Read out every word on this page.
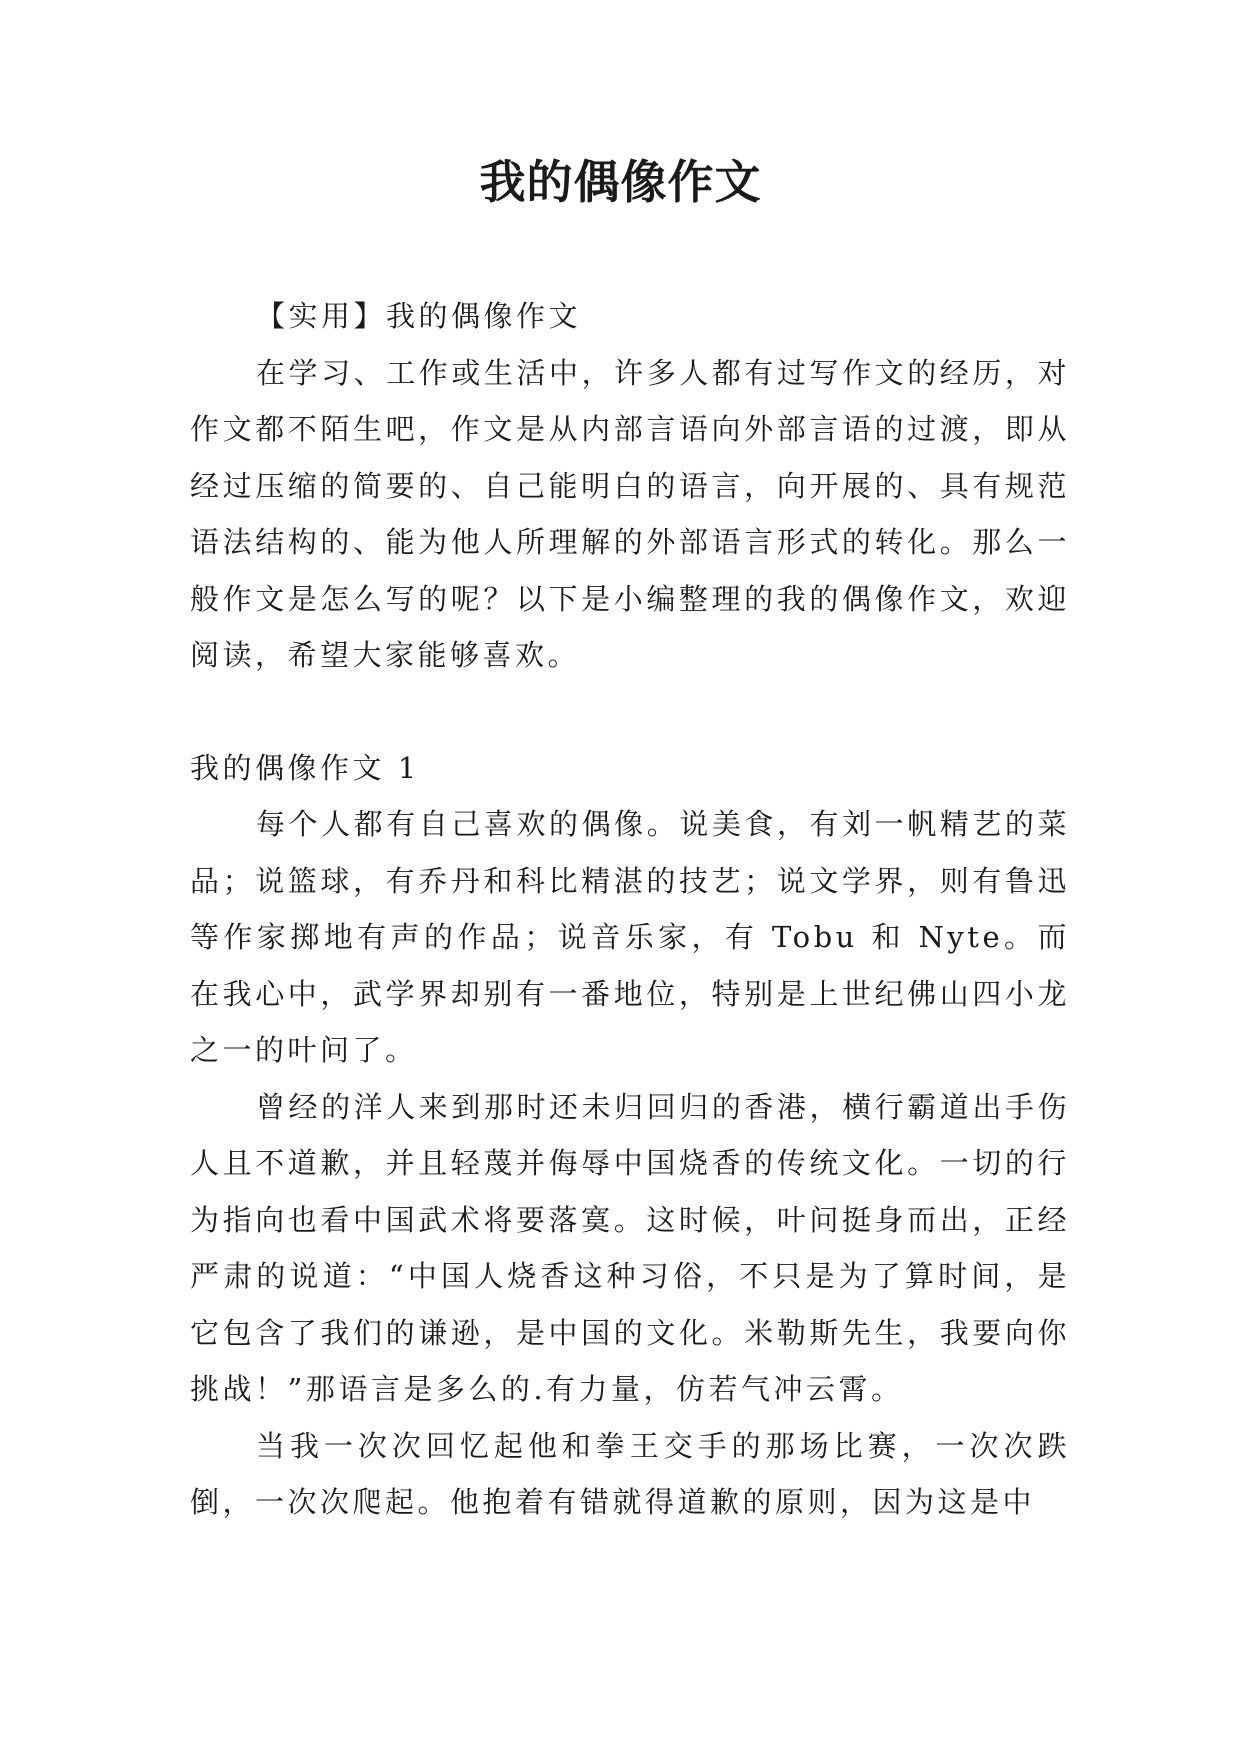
我的偶像作文

【实用】我的偶像作文

在学习、工作或生活中，许多人都有过写作文的经历，对作文都不陌生吧，作文是从内部言语向外部言语的过渡，即从经过压缩的简要的、自己能明白的语言，向开展的、具有规范语法结构的、能为他人所理解的外部语言形式的转化。那么一般作文是怎么写的呢？以下是小编整理的我的偶像作文，欢迎阅读，希望大家能够喜欢。

我的偶像作文 1

每个人都有自己喜欢的偶像。说美食，有刘一帆精艺的菜品；说篮球，有乔丹和科比精湛的技艺；说文学界，则有鲁迅等作家掷地有声的作品；说音乐家，有 Tobu 和 Nyte。而在我心中，武学界却别有一番地位，特别是上世纪佛山四小龙之一的叶问了。

曾经的洋人来到那时还未归回归的香港，横行霸道出手伤人且不道歉，并且轻蔑并侮辱中国烧香的传统文化。一切的行为指向也看中国武术将要落寞。这时候，叶问挺身而出，正经严肃的说道：“中国人烧香这种习俗，不只是为了算时间，是它包含了我们的谦逊，是中国的文化。米勒斯先生，我要向你挑战！”那语言是多么的.有力量，仿若气冲云霄。

当我一次次回忆起他和拳王交手的那场比赛，一次次跌倒，一次次爬起。他抱着有错就得道歉的原则，因为这是中
